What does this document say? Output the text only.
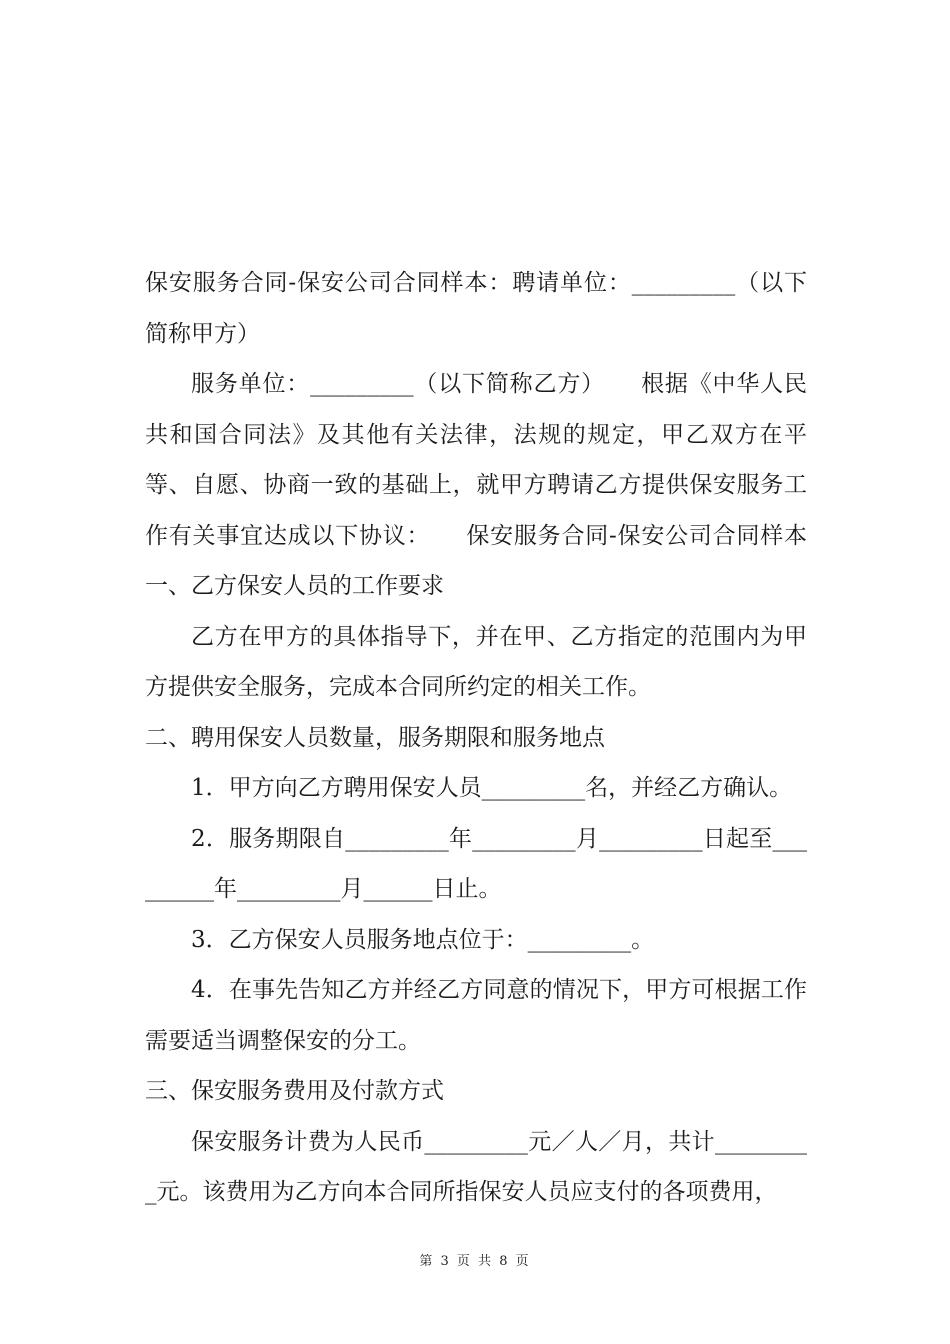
保安服务合同-保安公司合同样本：聘请单位：_________（以下简称甲方）

服务单位：_________（以下简称乙方）　　根据《中华人民共和国合同法》及其他有关法律，法规的规定，甲乙双方在平等、自愿、协商一致的基础上，就甲方聘请乙方提供保安服务工作有关事宜达成以下协议：　　保安服务合同-保安公司合同样本一、乙方保安人员的工作要求

乙方在甲方的具体指导下，并在甲、乙方指定的范围内为甲方提供安全服务，完成本合同所约定的相关工作。

二、聘用保安人员数量，服务期限和服务地点

1．甲方向乙方聘用保安人员_________名，并经乙方确认。

2．服务期限自_________年_________月_________日起至_________年_________月______日止。

3．乙方保安人员服务地点位于：_________。

4．在事先告知乙方并经乙方同意的情况下，甲方可根据工作需要适当调整保安的分工。

三、保安服务费用及付款方式

保安服务计费为人民币_________元／人／月，共计_________元。该费用为乙方向本合同所指保安人员应支付的各项费用，

第 3 页 共 8 页
